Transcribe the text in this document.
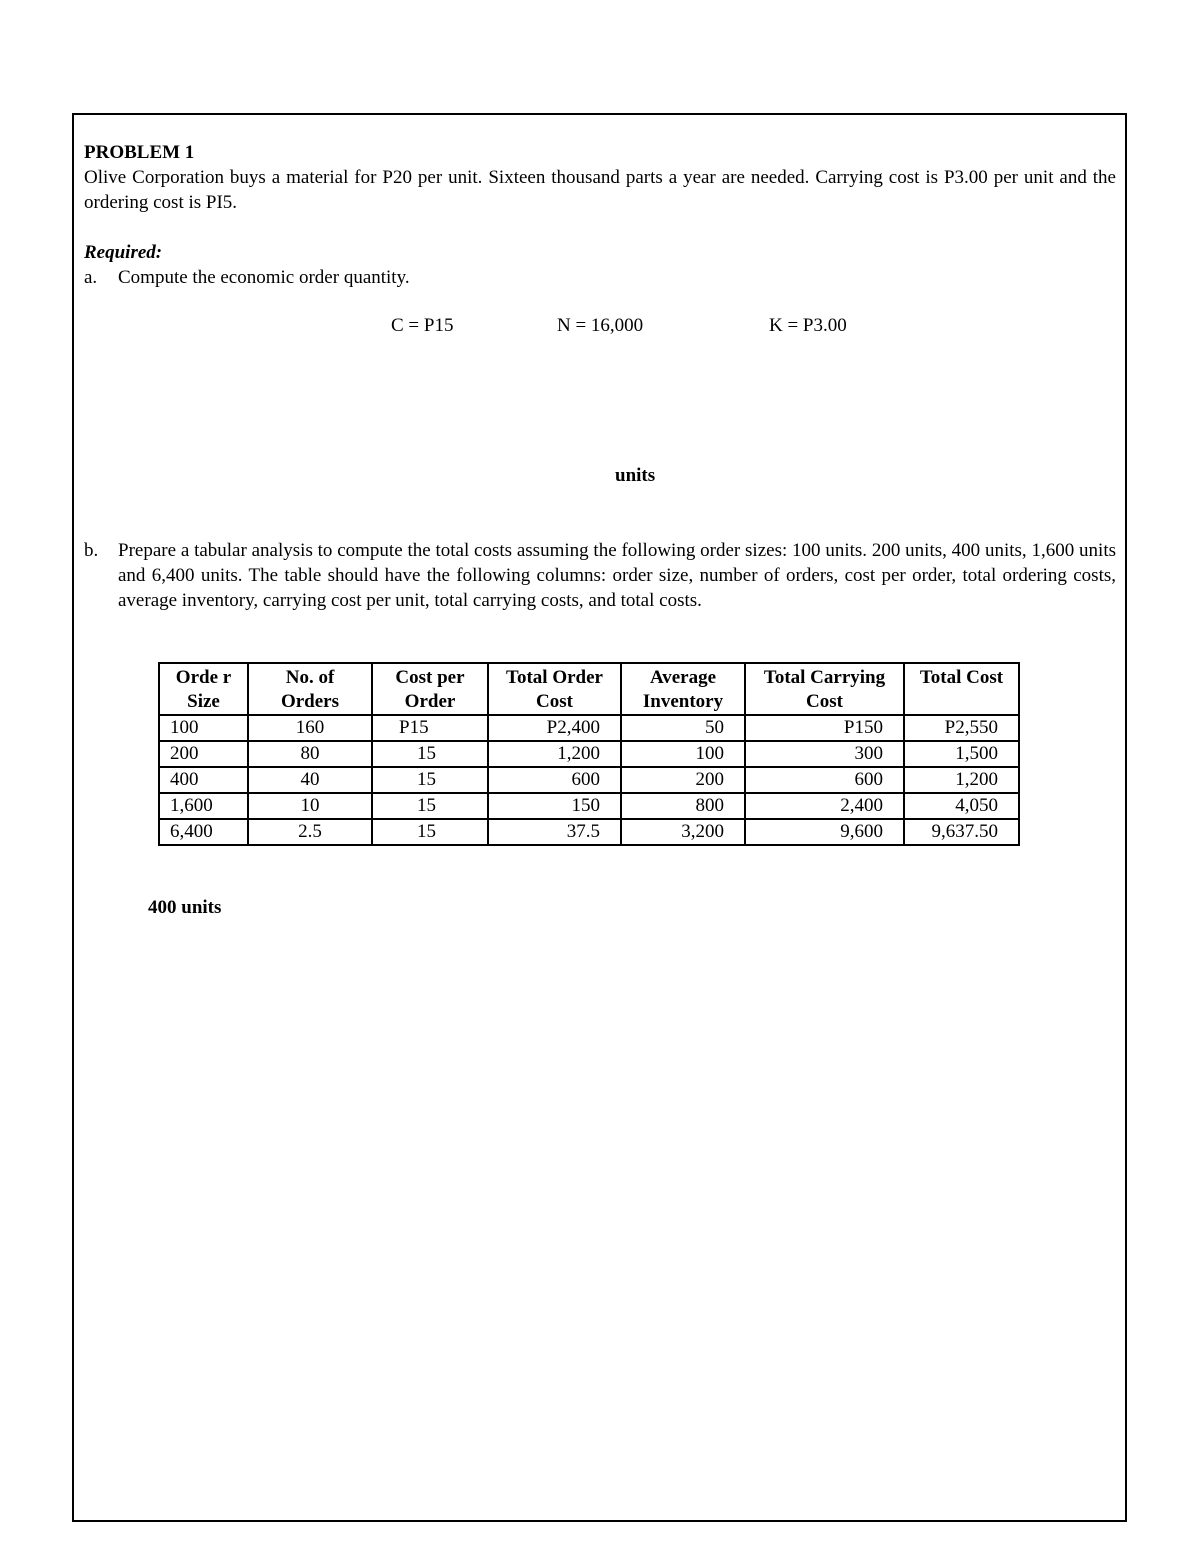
PROBLEM 1

Olive Corporation buys a material for P20 per unit. Sixteen thousand parts a year are needed. Carrying cost is P3.00 per unit and the ordering cost is PI5.

Required:

a.	Compute the economic order quantity.
C = P15	N = 16,000	K = P3.00
units
b.	Prepare a tabular analysis to compute the total costs assuming the following order sizes: 100 units. 200 units, 400 units, 1,600 units and 6,400 units. The table should have the following columns: order size, number of orders, cost per order, total ordering costs, average inventory, carrying cost per unit, total carrying costs, and total costs.
Orde r Size	No. of Orders	Cost per Order	Total Order Cost	Average Inventory	Total Carrying Cost	Total Cost
100	160	P15	P2,400	50	P150	P2,550
200	80	15	1,200	100	300	1,500
400	40	15	600	200	600	1,200
1,600	10	15	150	800	2,400	4,050
6,400	2.5	15	37.5	3,200	9,600	9,637.50
400 units
